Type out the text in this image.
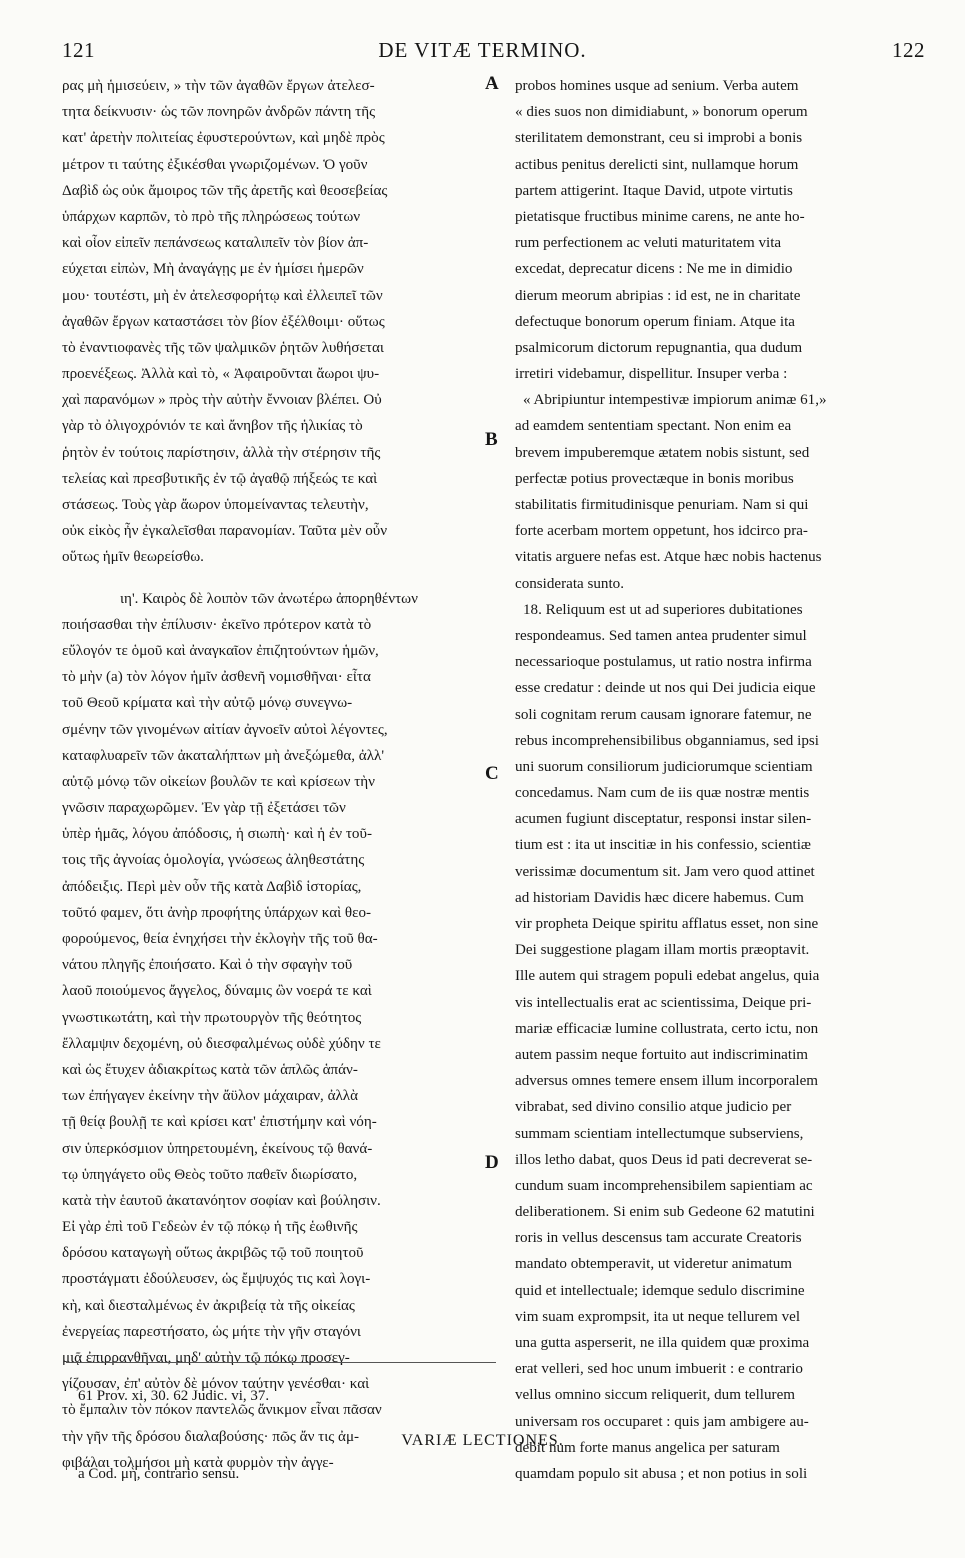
121	DE VITÆ TERMINO.	122
ρας μὴ ἡμισεύειν, » τὴν τῶν ἀγαθῶν ἔργων ἀτελεσ-
τητα δείκνυσιν· ὡς τῶν πονηρῶν ἀνδρῶν πάντη τῆς
κατ' ἀρετὴν πολιτείας ἐφυστερούντων, καὶ μηδὲ πρὸς
μέτρον τι ταύτης ἐξικέσθαι γνωριζομένων. Ὁ γοῦν
Δαβὶδ ὡς οὐκ ἄμοιρος τῶν τῆς ἀρετῆς καὶ θεοσεβείας
ὑπάρχων καρπῶν, τὸ πρὸ τῆς πληρώσεως τούτων
καὶ οἷον εἰπεῖν πεπάνσεως καταλιπεῖν τὸν βίον ἀπ-
εύχεται εἰπὼν, Μὴ ἀναγάγῃς με ἐν ἡμίσει ἡμερῶν
μου· τουτέστι, μὴ ἐν ἀτελεσφορήτῳ καὶ ἐλλειπεῖ τῶν
ἀγαθῶν ἔργων καταστάσει τὸν βίον ἐξέλθοιμι· οὕτως
τὸ ἐναντιοφανὲς τῆς τῶν ψαλμικῶν ῥητῶν λυθήσεται
προενέξεως. Ἀλλὰ καὶ τὸ, « Ἀφαιροῦνται ἄωροι ψυ-
χαὶ παρανόμων » πρὸς τὴν αὐτὴν ἔννοιαν βλέπει. Οὐ
γὰρ τὸ ὀλιγοχρόνιόν τε καὶ ἄνηβον τῆς ἡλικίας τὸ
ῥητὸν ἐν τούτοις παρίστησιν, ἀλλὰ τὴν στέρησιν τῆς
τελείας καὶ πρεσβυτικῆς ἐν τῷ ἀγαθῷ πήξεώς τε καὶ
στάσεως. Τοὺς γὰρ ἄωρον ὑπομείναντας τελευτὴν,
οὐκ εἰκὸς ἦν ἐγκαλεῖσθαι παρανομίαν. Ταῦτα μὲν οὖν
οὕτως ἡμῖν θεωρείσθω.
ιη'. Καιρὸς δὲ λοιπὸν τῶν ἀνωτέρω ἀπορηθέντων
ποιήσασθαι τὴν ἐπίλυσιν· ἐκεῖνο πρότερον κατὰ τὸ
εὔλογόν τε ὁμοῦ καὶ ἀναγκαῖον ἐπιζητούντων ἡμῶν,
τὸ μὴν (a) τὸν λόγον ἡμῖν ἀσθενῆ νομισθῆναι· εἶτα
τοῦ Θεοῦ κρίματα καὶ τὴν αὐτῷ μόνῳ συνεγνω-
σμένην τῶν γινομένων αἰτίαν ἀγνοεῖν αὐτοὶ λέγοντες,
καταφλυαρεῖν τῶν ἀκαταλήπτων μὴ ἀνεξώμεθα, ἀλλ'
αὐτῷ μόνῳ τῶν οἰκείων βουλῶν τε καὶ κρίσεων τὴν
γνῶσιν παραχωρῶμεν. Ἐν γὰρ τῇ ἐξετάσει τῶν
ὑπὲρ ἡμᾶς, λόγου ἀπόδοσις, ἡ σιωπὴ· καὶ ἡ ἐν τοῦ-
τοις τῆς ἀγνοίας ὁμολογία, γνώσεως ἀληθεστάτης
ἀπόδειξις. Περὶ μὲν οὖν τῆς κατὰ Δαβὶδ ἱστορίας,
τοῦτό φαμεν, ὅτι ἀνὴρ προφήτης ὑπάρχων καὶ θεο-
φορούμενος, θεία ἐνηχήσει τὴν ἐκλογὴν τῆς τοῦ θα-
νάτου πληγῆς ἐποιήσατο. Καὶ ὁ τὴν σφαγὴν τοῦ
λαοῦ ποιούμενος ἄγγελος, δύναμις ὢν νοερά τε καὶ
γνωστικωτάτη, καὶ τὴν πρωτουργὸν τῆς θεότητος
ἔλλαμψιν δεχομένη, οὐ διεσφαλμένως οὐδὲ χύδην τε
καὶ ὡς ἔτυχεν ἀδιακρίτως κατὰ τῶν ἁπλῶς ἁπάν-
των ἐπήγαγεν ἐκείνην τὴν ἄϋλον μάχαιραν, ἀλλὰ
τῇ θείᾳ βουλῇ τε καὶ κρίσει κατ' ἐπιστήμην καὶ νόη-
σιν ὑπερκόσμιον ὑπηρετουμένη, ἐκείνους τῷ θανά-
τῳ ὑπηγάγετο οὓς Θεὸς τοῦτο παθεῖν διωρίσατο,
κατὰ τὴν ἑαυτοῦ ἀκατανόητον σοφίαν καὶ βούλησιν.
Εἰ γὰρ ἐπὶ τοῦ Γεδεὼν ἐν τῷ πόκῳ ἡ τῆς ἑωθινῆς
δρόσου καταγωγὴ οὕτως ἀκριβῶς τῷ τοῦ ποιητοῦ
προστάγματι ἐδούλευσεν, ὡς ἔμψυχός τις καὶ λογι-
κὴ, καὶ διεσταλμένως ἐν ἀκριβείᾳ τὰ τῆς οἰκείας
ἐνεργείας παρεστήσατο, ὡς μήτε τὴν γῆν σταγόνι
μιᾷ ἐπιρρανθῆναι, μηδ' αὐτὴν τῷ πόκῳ προσεγ-
γίζουσαν, ἐπ' αὐτὸν δὲ μόνον ταύτην γενέσθαι· καὶ
τὸ ἔμπαλιν τὸν πόκον παντελῶς ἄνικμον εἶναι πᾶσαν
τὴν γῆν τῆς δρόσου διαλαβούσης· πῶς ἄν τις ἀμ-
φιβάλαι τολμήσοι μὴ κατὰ φυρμὸν τὴν ἀγγε-
probos homines usque ad senium. Verba autem
« dies suos non dimidiabunt, » bonorum operum
sterilitatem demonstrant, ceu si improbi a bonis
actibus penitus derelicti sint, nullamque horum
partem attigerint. Itaque David, utpote virtutis
pietatisque fructibus minime carens, ne ante ho-
rum perfectionem ac veluti maturitatem vita
excedat, deprecatur dicens : Ne me in dimidio
dierum meorum abripias : id est, ne in charitate
defectuque bonorum operum finiam. Atque ita
psalmicorum dictorum repugnantia, qua dudum
irretiri videbamur, dispellitur. Insuper verba :
« Abripiuntur intempestivæ impiorum animæ 61,»
ad eamdem sententiam spectant. Non enim ea
brevem impuberemque ætatem nobis sistunt, sed
perfectæ potius provectæque in bonis moribus
stabilitatis firmitudinisque penuriam. Nam si qui
forte acerbam mortem oppetunt, hos idcirco pra-
vitatis arguere nefas est. Atque hæc nobis hactenus
considerata sunto.
18. Reliquum est ut ad superiores dubitationes
respondeamus. Sed tamen antea prudenter simul
necessarioque postulamus, ut ratio nostra infirma
esse credatur : deinde ut nos qui Dei judicia eique
soli cognitam rerum causam ignorare fatemur, ne
rebus incomprehensibilibus obganniamus, sed ipsi
uni suorum consiliorum judiciorumque scientiam
concedamus. Nam cum de iis quæ nostræ mentis
acumen fugiunt disceptatur, responsi instar silen-
tium est : ita ut inscitiæ in his confessio, scientiæ
verissimæ documentum sit. Jam vero quod attinet
ad historiam Davidis hæc dicere habemus. Cum
vir propheta Deique spiritu afflatus esset, non sine
Dei suggestione plagam illam mortis præoptavit.
Ille autem qui stragem populi edebat angelus, quia
vis intellectualis erat ac scientissima, Deique pri-
mariæ efficaciæ lumine collustrata, certo ictu, non
autem passim neque fortuito aut indiscriminatim
adversus omnes temere ensem illum incorporalem
vibrabat, sed divino consilio atque judicio per
summam scientiam intellectumque subserviens,
illos letho dabat, quos Deus id pati decreverat se-
cundum suam incomprehensibilem sapientiam ac
deliberationem. Si enim sub Gedeone 62 matutini
roris in vellus descensus tam accurate Creatoris
mandato obtemperavit, ut videretur animatum
quid et intellectuale; idemque sedulo discrimine
vim suam exprompsit, ita ut neque tellurem vel
una gutta asperserit, ne illa quidem quæ proxima
erat velleri, sed hoc unum imbuerit : e contrario
vellus omnino siccum reliquerit, dum tellurem
universam ros occuparet : quis jam ambigere au-
debit num forte manus angelica per saturam
quamdam populo sit abusa ; et non potius in soli
A
B
C
D
61 Prov. xi, 30. 62 Judic. vi, 37.
VARIÆ LECTIONES.
a Cod. μὴ, contrario sensu.
